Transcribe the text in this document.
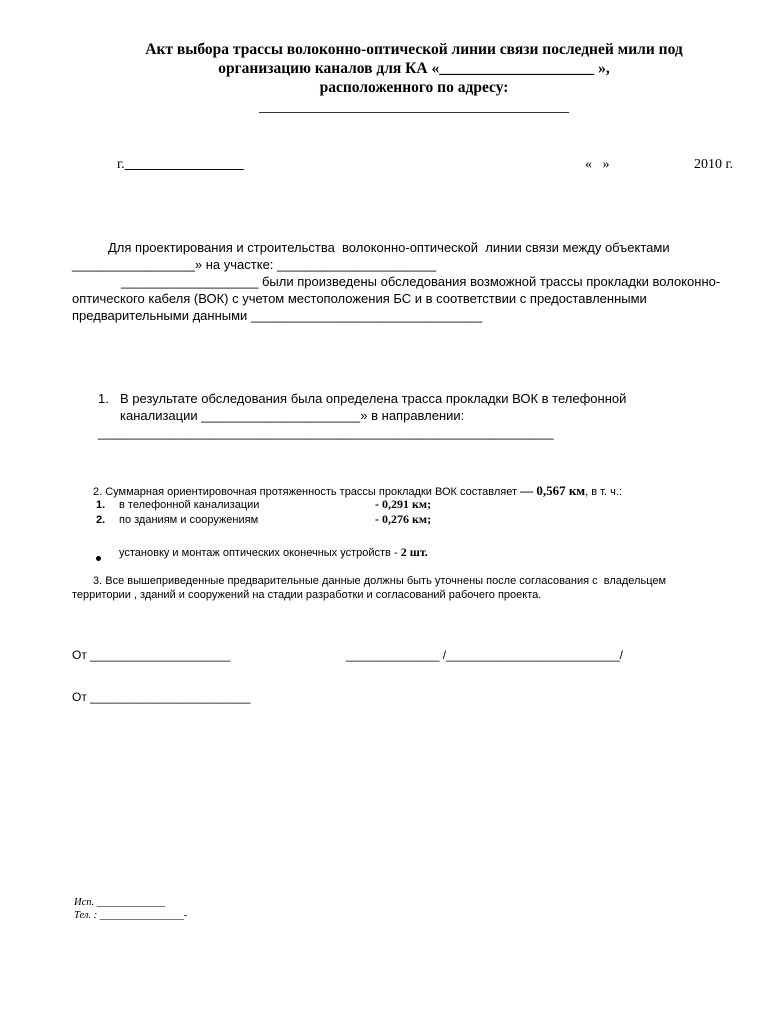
Акт выбора трассы волоконно-оптической линии связи последней мили под
организацию каналов для КА «____________________ »,
расположенного по адресу:
________________________________________
г._________________	«   »	2010 г.
Для проектирования и строительства  волоконно-оптической  линии связи между объектами
_________________» на участке: ______________________
___________________ были произведены обследования возможной трассы прокладки волоконно-
оптического кабеля (ВОК) с учетом местоположения БС и в соответствии с предоставленными
предварительными данными ________________________________
1. В результате обследования была определена трасса прокладки ВОК в телефонной
канализации ______________________» в направлении:
_______________________________________________________________
2. Суммарная ориентировочная протяженность трассы прокладки ВОК составляет — 0,567 км, в т. ч.:
1. в телефонной канализации	- 0,291 км;
2. по зданиям и сооружениям	- 0,276 км;
установку и монтаж оптических оконечных устройств - 2 шт.
3. Все вышеприведенные предварительные данные должны быть уточнены после согласования с  владельцем
территории , зданий и сооружений на стадии разработки и согласований рабочего проекта.
От _____________________	______________ /__________________________/
От ________________________
Исп. _____________
Тел. : ________________-
